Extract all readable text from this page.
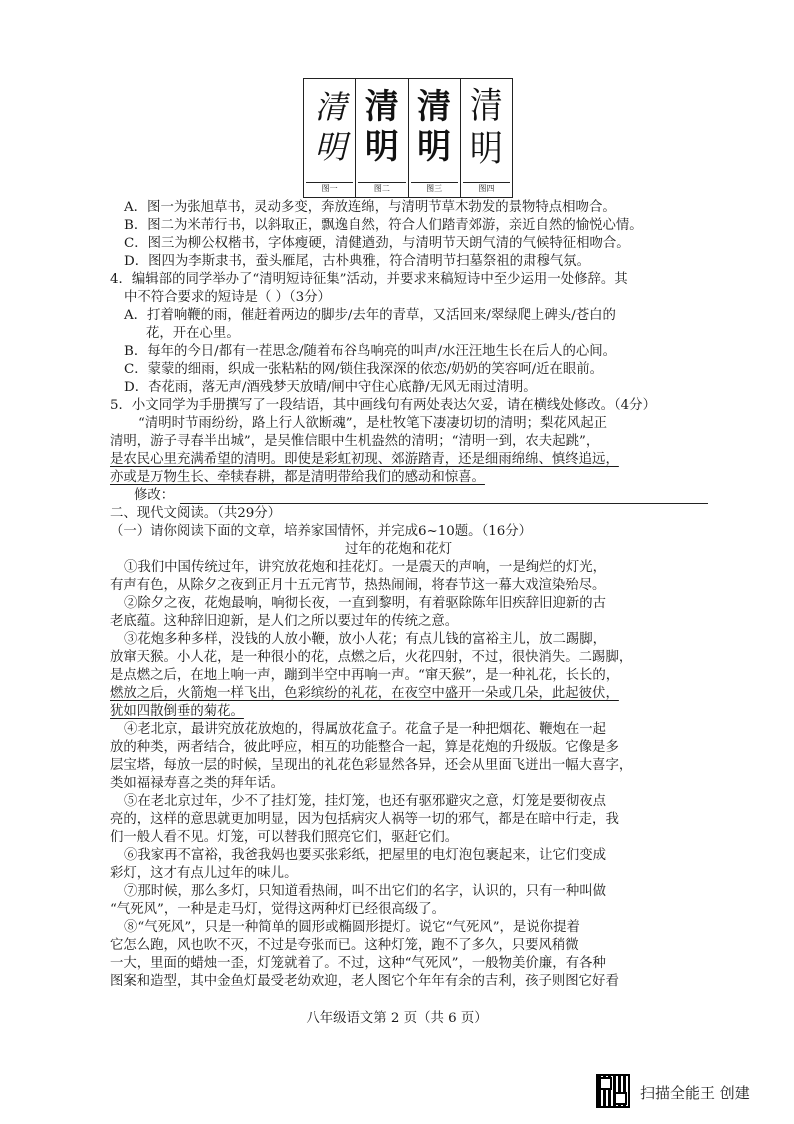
清明
图一
清明
图二
清明
图三
清明
图四
A．图一为张旭草书，灵动多变，奔放连绵，与清明节草木勃发的景物特点相吻合。
B．图二为米芾行书，以斜取正，飘逸自然，符合人们踏青郊游，亲近自然的愉悦心情。
C．图三为柳公权楷书，字体瘦硬，清健遒劲，与清明节天朗气清的气候特征相吻合。
D．图四为李斯隶书，蚕头雁尾，古朴典雅，符合清明节扫墓祭祖的肃穆气氛。
4．编辑部的同学举办了“清明短诗征集”活动，并要求来稿短诗中至少运用一处修辞。其
中不符合要求的短诗是（ ）（3分）
A．打着响鞭的雨，催赶着两边的脚步/去年的青草，又活回来/翠绿爬上碑头/苍白的
花，开在心里。
B．每年的今日/都有一茬思念/随着布谷鸟响亮的叫声/水汪汪地生长在后人的心间。
C．蒙蒙的细雨，织成一张粘粘的网/锁住我深深的依恋/奶奶的笑容呵/近在眼前。
D．杏花雨，落无声/酒残梦天放晴/闸中守住心底静/无风无雨过清明。
5．小文同学为手册撰写了一段结语，其中画线句有两处表达欠妥，请在横线处修改。（4分）
“清明时节雨纷纷，路上行人欲断魂”，是杜牧笔下凄凄切切的清明；梨花风起正
清明，游子寻春半出城”，是吴惟信眼中生机盎然的清明；“清明一到，农夫起跳”，
是农民心里充满希望的清明。即使是彩虹初现、郊游踏青，还是细雨绵绵、慎终追远，
亦或是万物生长、牵犊春耕，都是清明带给我们的感动和惊喜。
修改：
二、现代文阅读。（共29分）
（一）请你阅读下面的文章，培养家国情怀，并完成6~10题。（16分）
过年的花炮和花灯
①我们中国传统过年，讲究放花炮和挂花灯。一是震天的声响，一是绚烂的灯光，
有声有色，从除夕之夜到正月十五元宵节，热热闹闹，将春节这一幕大戏渲染殆尽。
②除夕之夜，花炮最响，响彻长夜，一直到黎明，有着驱除陈年旧疾辞旧迎新的古
老底蕴。这种辞旧迎新，是人们之所以要过年的传统之意。
③花炮多种多样，没钱的人放小鞭，放小人花；有点儿钱的富裕主儿，放二踢脚，
放窜天猴。小人花，是一种很小的花，点燃之后，火花四射，不过，很快消失。二踢脚，
是点燃之后，在地上响一声，蹦到半空中再响一声。“窜天猴”，是一种礼花，长长的，
燃放之后，火箭炮一样飞出，色彩缤纷的礼花，在夜空中盛开一朵或几朵，此起彼伏，
犹如四散倒垂的菊花。
④老北京，最讲究放花放炮的，得属放花盒子。花盒子是一种把烟花、鞭炮在一起
放的种类，两者结合，彼此呼应，相互的功能整合一起，算是花炮的升级版。它像是多
层宝塔，每放一层的时候，呈现出的礼花色彩显然各异，还会从里面飞迸出一幅大喜字，
类如福禄寿喜之类的拜年话。
⑤在老北京过年，少不了挂灯笼，挂灯笼，也还有驱邪避灾之意，灯笼是要彻夜点
亮的，这样的意思就更加明显，因为包括病灾人祸等一切的邪气，都是在暗中行走，我
们一般人看不见。灯笼，可以替我们照亮它们，驱赶它们。
⑥我家再不富裕，我爸我妈也要买张彩纸，把屋里的电灯泡包裹起来，让它们变成
彩灯，这才有点儿过年的味儿。
⑦那时候，那么多灯，只知道看热闹，叫不出它们的名字，认识的，只有一种叫做
“气死风”，一种是走马灯，觉得这两种灯已经很高级了。
⑧“气死风”，只是一种简单的圆形或椭圆形提灯。说它“气死风”，是说你提着
它怎么跑，风也吹不灭，不过是夸张而已。这种灯笼，跑不了多久，只要风稍微
一大，里面的蜡烛一歪，灯笼就着了。不过，这种“气死风”，一般物美价廉，有各种
图案和造型，其中金鱼灯最受老幼欢迎，老人图它个年年有余的吉利，孩子则图它好看
八年级语文第 2 页（共 6 页）
扫描全能王 创建
